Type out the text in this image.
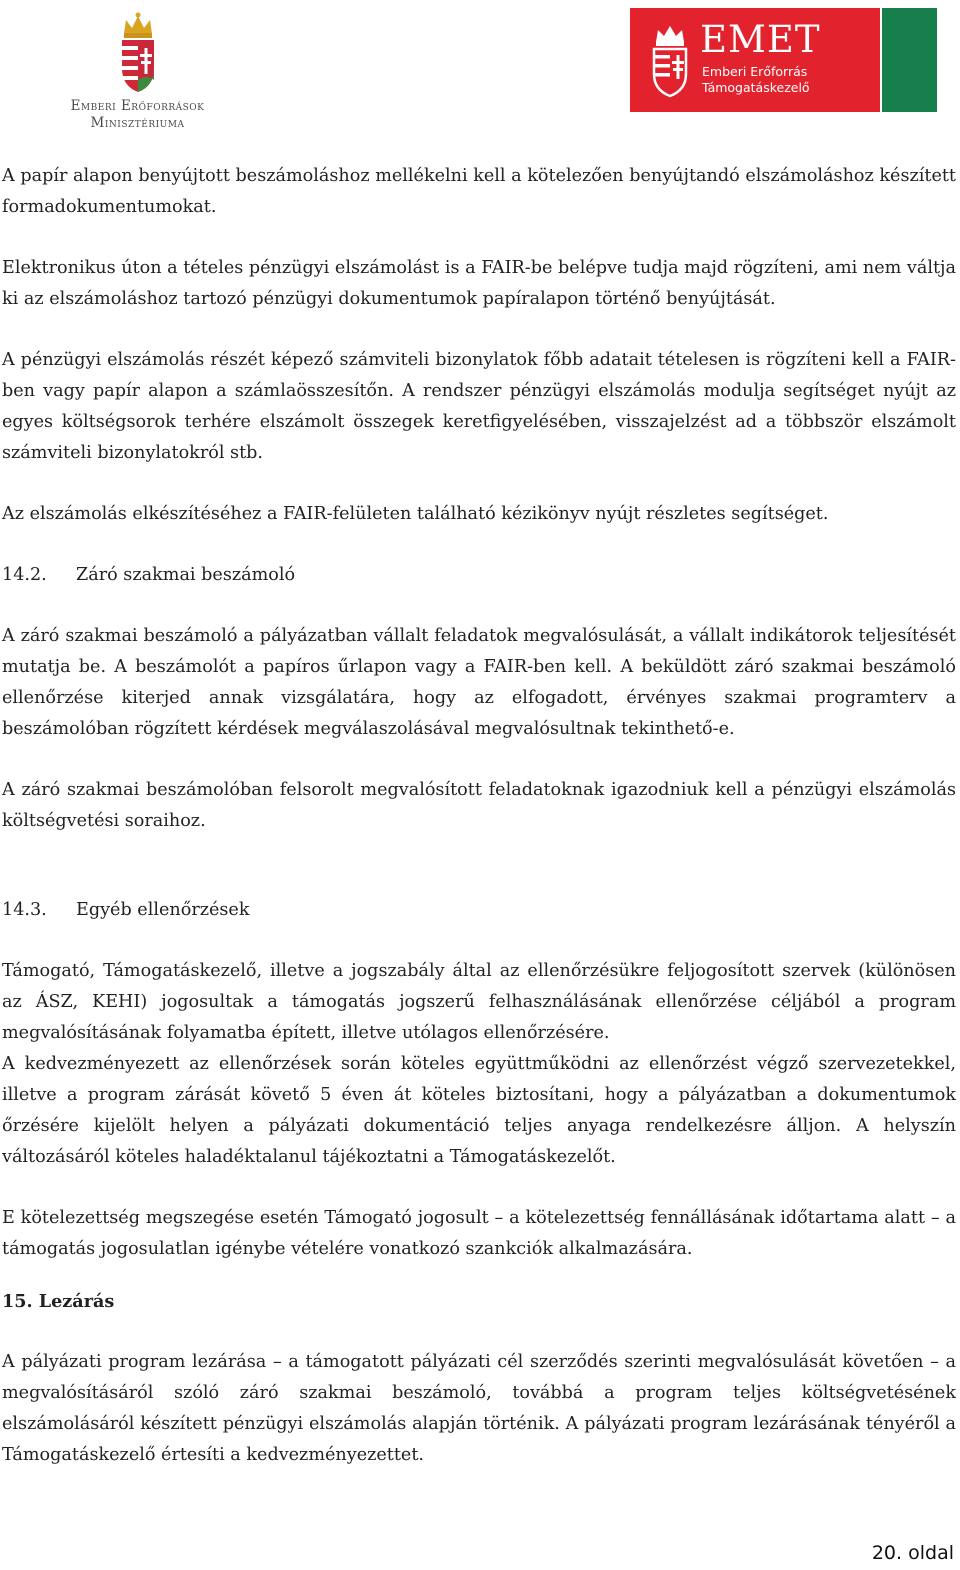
Emberi Erőforrások
Minisztériuma
EMET
Emberi Erőforrás
Támogatáskezelő

A papír alapon benyújtott beszámoláshoz mellékelni kell a kötelezően benyújtandó elszámoláshoz készített formadokumentumokat.

Elektronikus úton a tételes pénzügyi elszámolást is a FAIR-be belépve tudja majd rögzíteni, ami nem váltja ki az elszámoláshoz tartozó pénzügyi dokumentumok papíralapon történő benyújtását.

A pénzügyi elszámolás részét képező számviteli bizonylatok főbb adatait tételesen is rögzíteni kell a FAIR-ben vagy papír alapon a számlaösszesítőn. A rendszer pénzügyi elszámolás modulja segítséget nyújt az egyes költségsorok terhére elszámolt összegek keretfigyelésében, visszajelzést ad a többször elszámolt számviteli bizonylatokról stb.

Az elszámolás elkészítéséhez a FAIR-felületen található kézikönyv nyújt részletes segítséget.

14.2. Záró szakmai beszámoló

A záró szakmai beszámoló a pályázatban vállalt feladatok megvalósulását, a vállalt indikátorok teljesítését mutatja be. A beszámolót a papíros űrlapon vagy a FAIR-ben kell. A beküldött záró szakmai beszámoló ellenőrzése kiterjed annak vizsgálatára, hogy az elfogadott, érvényes szakmai programterv a beszámolóban rögzített kérdések megválaszolásával megvalósultnak tekinthető-e.

A záró szakmai beszámolóban felsorolt megvalósított feladatoknak igazodniuk kell a pénzügyi elszámolás költségvetési soraihoz.

14.3. Egyéb ellenőrzések

Támogató, Támogatáskezelő, illetve a jogszabály által az ellenőrzésükre feljogosított szervek (különösen az ÁSZ, KEHI) jogosultak a támogatás jogszerű felhasználásának ellenőrzése céljából a program megvalósításának folyamatba épített, illetve utólagos ellenőrzésére.

A kedvezményezett az ellenőrzések során köteles együttműködni az ellenőrzést végző szervezetekkel, illetve a program zárását követő 5 éven át köteles biztosítani, hogy a pályázatban a dokumentumok őrzésére kijelölt helyen a pályázati dokumentáció teljes anyaga rendelkezésre álljon. A helyszín változásáról köteles haladéktalanul tájékoztatni a Támogatáskezelőt.

E kötelezettség megszegése esetén Támogató jogosult – a kötelezettség fennállásának időtartama alatt – a támogatás jogosulatlan igénybe vételére vonatkozó szankciók alkalmazására.

15. Lezárás

A pályázati program lezárása – a támogatott pályázati cél szerződés szerinti megvalósulását követően – a megvalósításáról szóló záró szakmai beszámoló, továbbá a program teljes költségvetésének elszámolásáról készített pénzügyi elszámolás alapján történik. A pályázati program lezárásának tényéről a Támogatáskezelő értesíti a kedvezményezettet.

20. oldal
